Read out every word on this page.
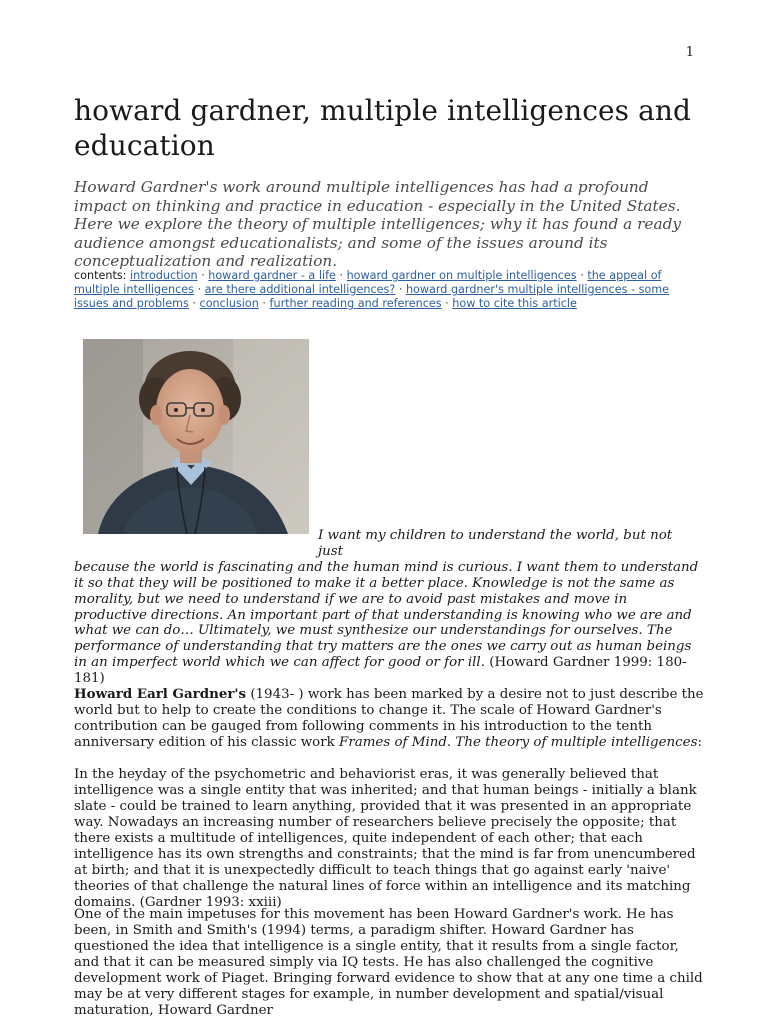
1
howard gardner, multiple intelligences and education
Howard Gardner's work around multiple intelligences has had a profound impact on thinking and practice in education - especially in the United States. Here we explore the theory of multiple intelligences; why it has found a ready audience amongst educationalists; and some of the issues around its conceptualization and realization.
contents: introduction · howard gardner - a life · howard gardner on multiple intelligences · the appeal of multiple intelligences · are there additional intelligences? · howard gardner's multiple intelligences - some issues and problems · conclusion · further reading and references · how to cite this article
I want my children to understand the world, but not just
because the world is fascinating and the human mind is curious. I want them to understand it so that they will be positioned to make it a better place. Knowledge is not the same as morality, but we need to understand if we are to avoid past mistakes and move in productive directions. An important part of that understanding is knowing who we are and what we can do… Ultimately, we must synthesize our understandings for ourselves. The performance of understanding that try matters are the ones we carry out as human beings in an imperfect world which we can affect for good or for ill. (Howard Gardner 1999: 180-181)

Howard Earl Gardner's (1943- ) work has been marked by a desire not to just describe the world but to help to create the conditions to change it. The scale of Howard Gardner's contribution can be gauged from following comments in his introduction to the tenth anniversary edition of his classic work Frames of Mind. The theory of multiple intelligences:

In the heyday of the psychometric and behaviorist eras, it was generally believed that intelligence was a single entity that was inherited; and that human beings - initially a blank slate - could be trained to learn anything, provided that it was presented in an appropriate way. Nowadays an increasing number of researchers believe precisely the opposite; that there exists a multitude of intelligences, quite independent of each other; that each intelligence has its own strengths and constraints; that the mind is far from unencumbered at birth; and that it is unexpectedly difficult to teach things that go against early 'naive' theories of that challenge the natural lines of force within an intelligence and its matching domains. (Gardner 1993: xxiii)

One of the main impetuses for this movement has been Howard Gardner's work. He has been, in Smith and Smith's (1994) terms, a paradigm shifter. Howard Gardner has questioned the idea that intelligence is a single entity, that it results from a single factor, and that it can be measured simply via IQ tests. He has also challenged the cognitive development work of Piaget. Bringing forward evidence to show that at any one time a child may be at very different stages for example, in number development and spatial/visual maturation, Howard Gardner
